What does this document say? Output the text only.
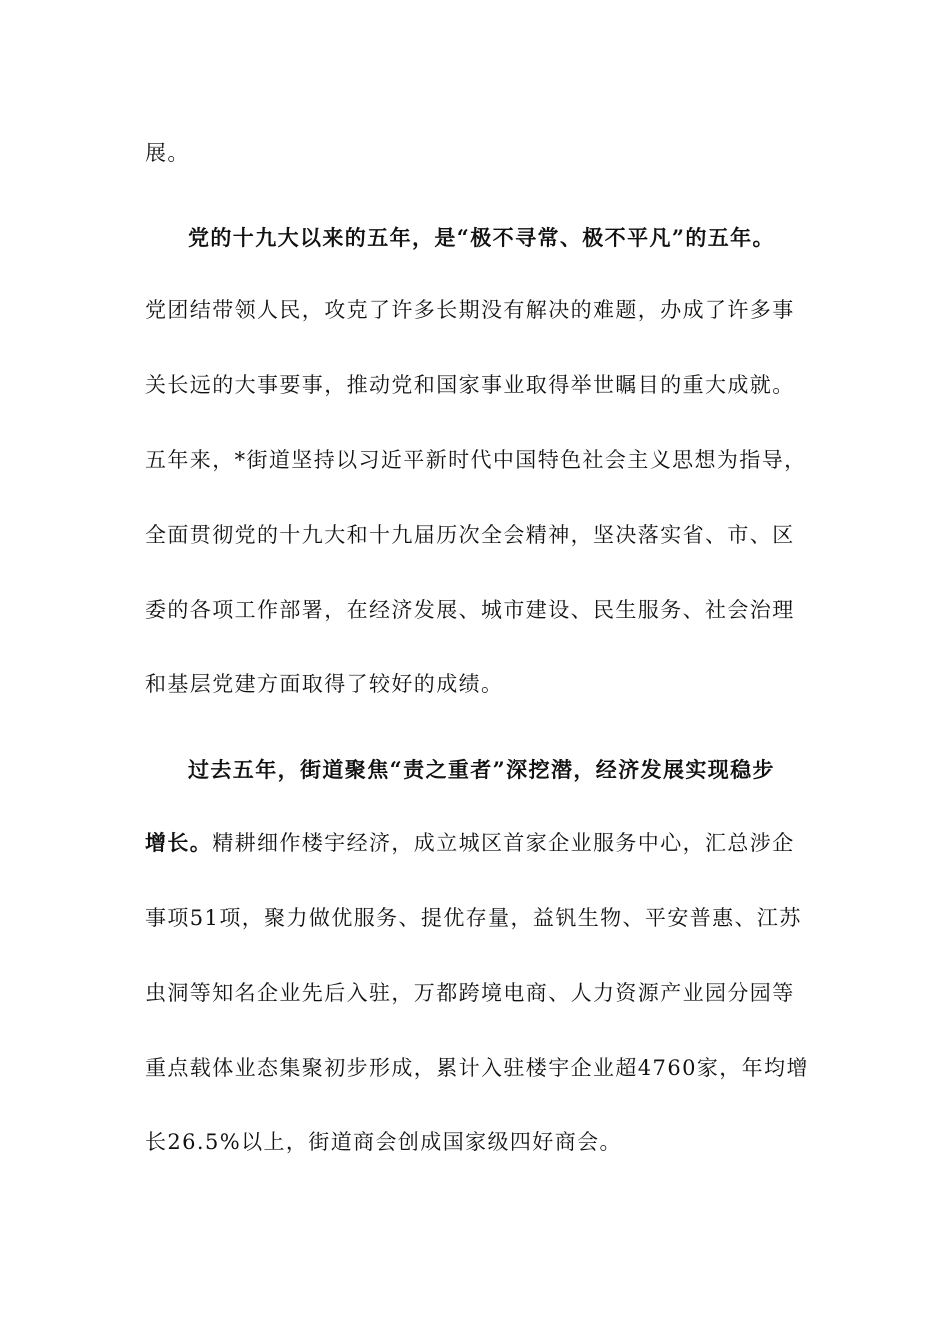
展。
党的十九大以来的五年，是“极不寻常、极不平凡”的五年。
党团结带领人民，攻克了许多长期没有解决的难题，办成了许多事
关长远的大事要事，推动党和国家事业取得举世瞩目的重大成就。
五年来，*街道坚持以习近平新时代中国特色社会主义思想为指导，
全面贯彻党的十九大和十九届历次全会精神，坚决落实省、市、区
委的各项工作部署，在经济发展、城市建设、民生服务、社会治理
和基层党建方面取得了较好的成绩。
过去五年，街道聚焦“责之重者”深挖潜，经济发展实现稳步
增长。精耕细作楼宇经济，成立城区首家企业服务中心，汇总涉企
事项51项，聚力做优服务、提优存量，益钒生物、平安普惠、江苏
虫洞等知名企业先后入驻，万都跨境电商、人力资源产业园分园等
重点载体业态集聚初步形成，累计入驻楼宇企业超4760家，年均增
长26.5%以上，街道商会创成国家级四好商会。
